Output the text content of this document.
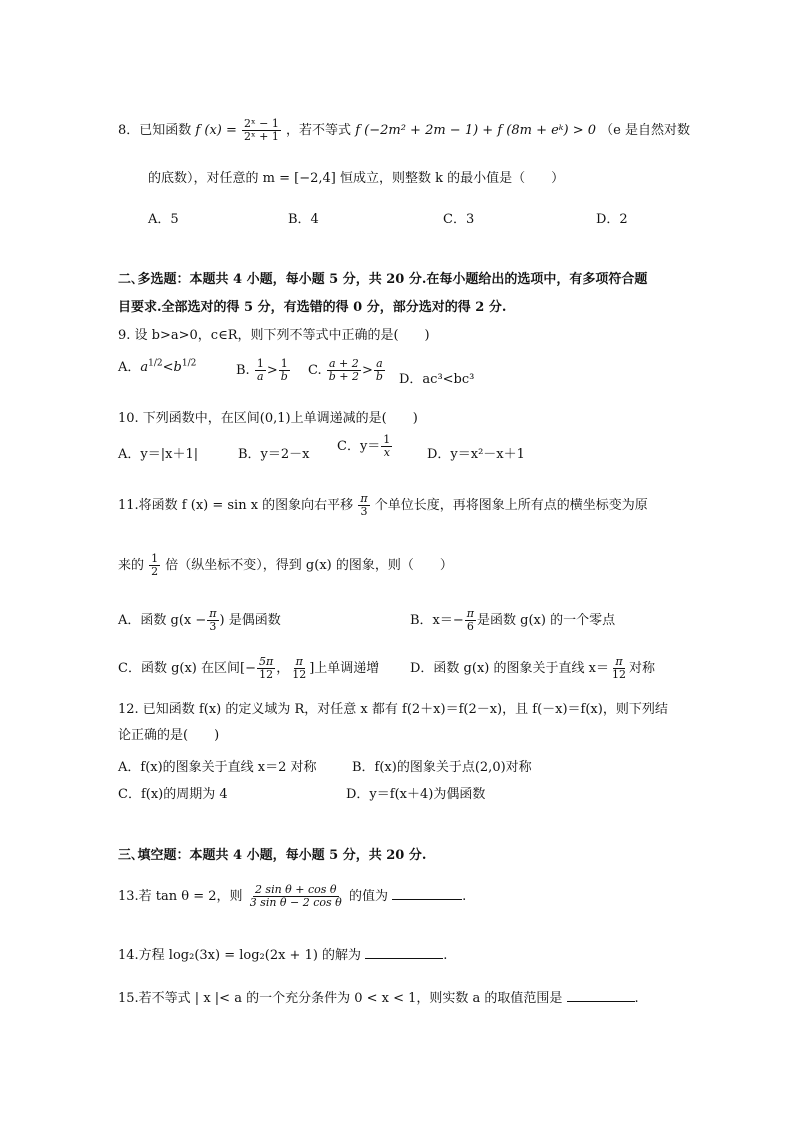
8．已知函数 f $(x) = \frac{\text{2ˣ − 1}}{\text{2ˣ + 1}}$ ，若不等式 f (−2m² + 2m − 1) + f (8m + eᵏ) > 0 （e 是自然对数
的底数），对任意的 m = [−2,4] 恒成立，则整数 k 的最小值是（　　）
A．5	B．4	C．3	D．2
二､多选题：本题共 4 小题，每小题 5 分，共 20 分.在每小题给出的选项中，有多项符合题
目要求.全部选对的得 5 分，有选错的得 0 分，部分选对的得 2 分.
9. 设 b>a>0，c∈R，则下列不等式中正确的是(　　)
A．$a^{1/2}<b^{1/2}$	B. $\frac{1}{a} > \frac{1}{b} C$. $\frac{a + 2}{b + 2} > \frac{a}{b}$ D．ac³<bc³
10. 下列函数中，在区间(0,1)上单调递减的是(　　)
A．y＝|x＋1|	B．y＝2－x
C．$y= \frac{1}{x}$	D．y＝x²－x＋1
11.将函数 f (x) = sin x 的图象向右平移 $\frac{\pi}{3}$ 个单位长度，再将图象上所有点的横坐标变为原
来的 $\frac{1}{2}$ 倍（纵坐标不变），得到 g(x) 的图象，则（　　）
A．函数 $g(x - \frac{\pi}{3}$ ) 是偶函数	B．$x=- \frac{\pi}{6}$ 是函数 g(x) 的一个零点
C．函数 g(x) 在区间[− $\frac{5\pi}{12}$ ， $\frac{\pi}{12}$ ]上单调递增 D．函数 g(x) 的图象关于直线 $x= \frac{\pi}{12}$ 对称
12. 已知函数 f(x) 的定义域为 R，对任意 x 都有 f(2＋x)＝f(2－x)，且 f(－x)＝f(x)，则下列结
论正确的是(　　)
A．f(x)的图象关于直线 x＝2 对称	B．f(x)的图象关于点(2,0)对称
C．f(x)的周期为 4	D．y＝f(x＋4)为偶函数
三､填空题：本题共 4 小题，每小题 5 分，共 20 分.
13.若 tan θ = 2，则 $\frac{\text{2 sin θ + cos θ}}{\text{3 sin θ − 2 cos θ}}$ 的值为	.
14.方程 log₂(3x) = log₂(2x + 1) 的解为	.
15.若不等式 | x |< a 的一个充分条件为 0 < x < 1，则实数 a 的取值范围是	.
